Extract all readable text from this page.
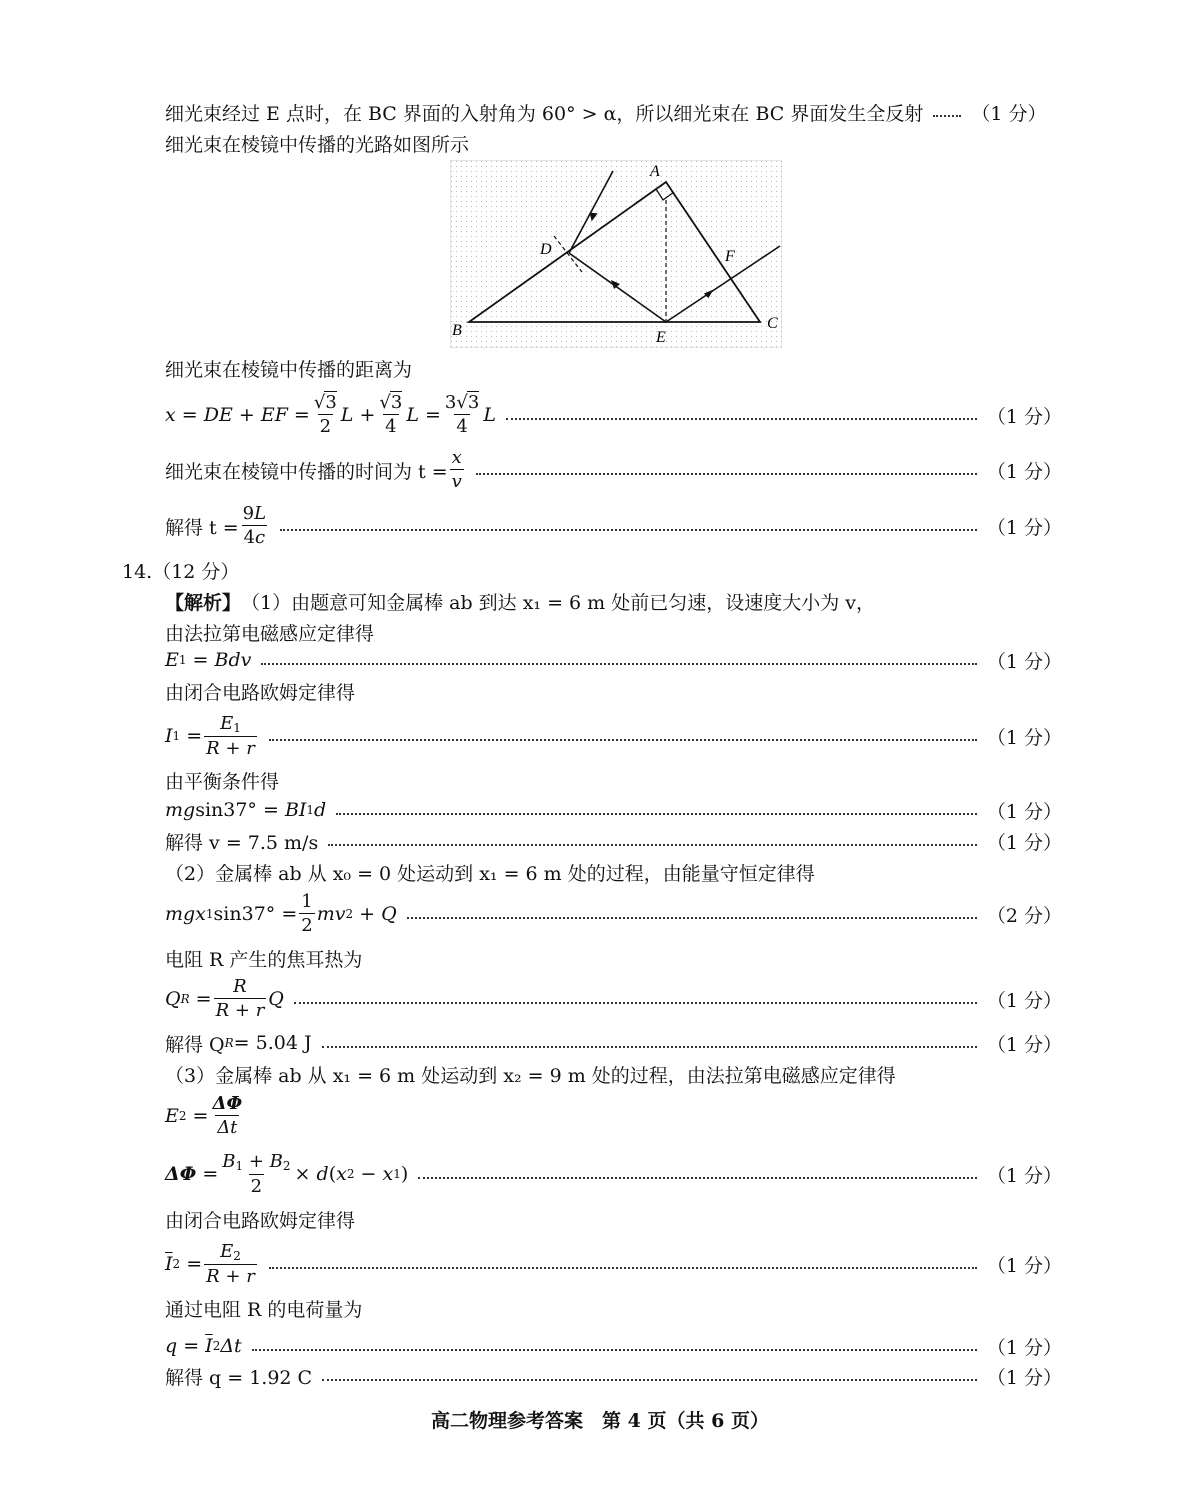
细光束经过 E 点时，在 BC 界面的入射角为 60° > α，所以细光束在 BC 界面发生全反射	（1 分）
细光束在棱镜中传播的光路如图所示
A
B	C
D
E
F
细光束在棱镜中传播的距离为
x = DE + EF = $\frac{√3}{2}$ $L + \frac{√3}{4}$ $L = \frac{3√3}{4}$ L	（1 分）
细光束在棱镜中传播的时间为 $t = \frac{x}{v}$	（1 分）
解得 $t = \frac{9L}{4c}$	（1 分）
14.（12 分）
【解析】 （1）由题意可知金属棒 ab 到达 x₁ = 6 m 处前已匀速，设速度大小为 v，
由法拉第电磁感应定律得
E 1 = Bdv	（1 分）
由闭合电路欧姆定律得
I $1 = \frac{E_1}{R + r}$	（1 分）
由平衡条件得
mg sin37° = BI 1 d	（1 分）
解得 v = 7.5 m/s	（1 分）
（2）金属棒 ab 从 x₀ = 0 处运动到 x₁ = 6 m 处的过程，由能量守恒定律得
mgx 1 $\sin 37^\circ = \frac{1}{2}$ mv 2 + Q	（2 分）
电阻 R 产生的焦耳热为
Q $R = \frac{R}{R + r}$ Q	（1 分）
解得 Q R = 5.04 J	（1 分）
（3）金属棒 ab 从 x₁ = 6 m 处运动到 x₂ = 9 m 处的过程，由法拉第电磁感应定律得
E $2 = \frac{\Delta\Phi}{\Delta t}$
$\Delta\Phi = \frac{B_1 + B_2}{2} \times d$ ( x 2 − x 1 )	（1 分）
由闭合电路欧姆定律得
$\overline{I}$ $2 = \frac{E_2}{R + r}$	（1 分）
通过电阻 R 的电荷量为
$q = \overline{I}$ 2 Δt	（1 分）
解得 q = 1.92 C	（1 分）
高二物理参考答案　第 4 页（共 6 页）
